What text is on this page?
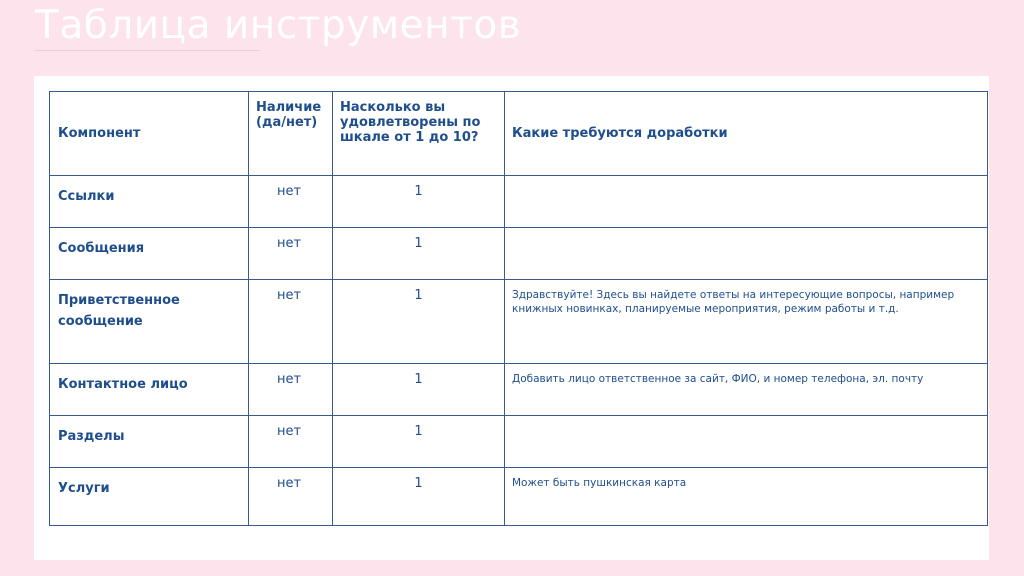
Таблица инструментов
Компонент	Наличие (да/нет)	Насколько вы удовлетворены по шкале от 1 до 10?	Какие требуются доработки
Ссылки	нет	1	
Сообщения	нет	1	
Приветственное сообщение	нет	1	Здравствуйте! Здесь вы найдете ответы на интересующие вопросы, например книжных новинках, планируемые мероприятия, режим работы и т.д.
Контактное лицо	нет	1	Добавить лицо ответственное за сайт, ФИО, и номер телефона, эл. почту
Разделы	нет	1	
Услуги	нет	1	Может быть пушкинская карта
